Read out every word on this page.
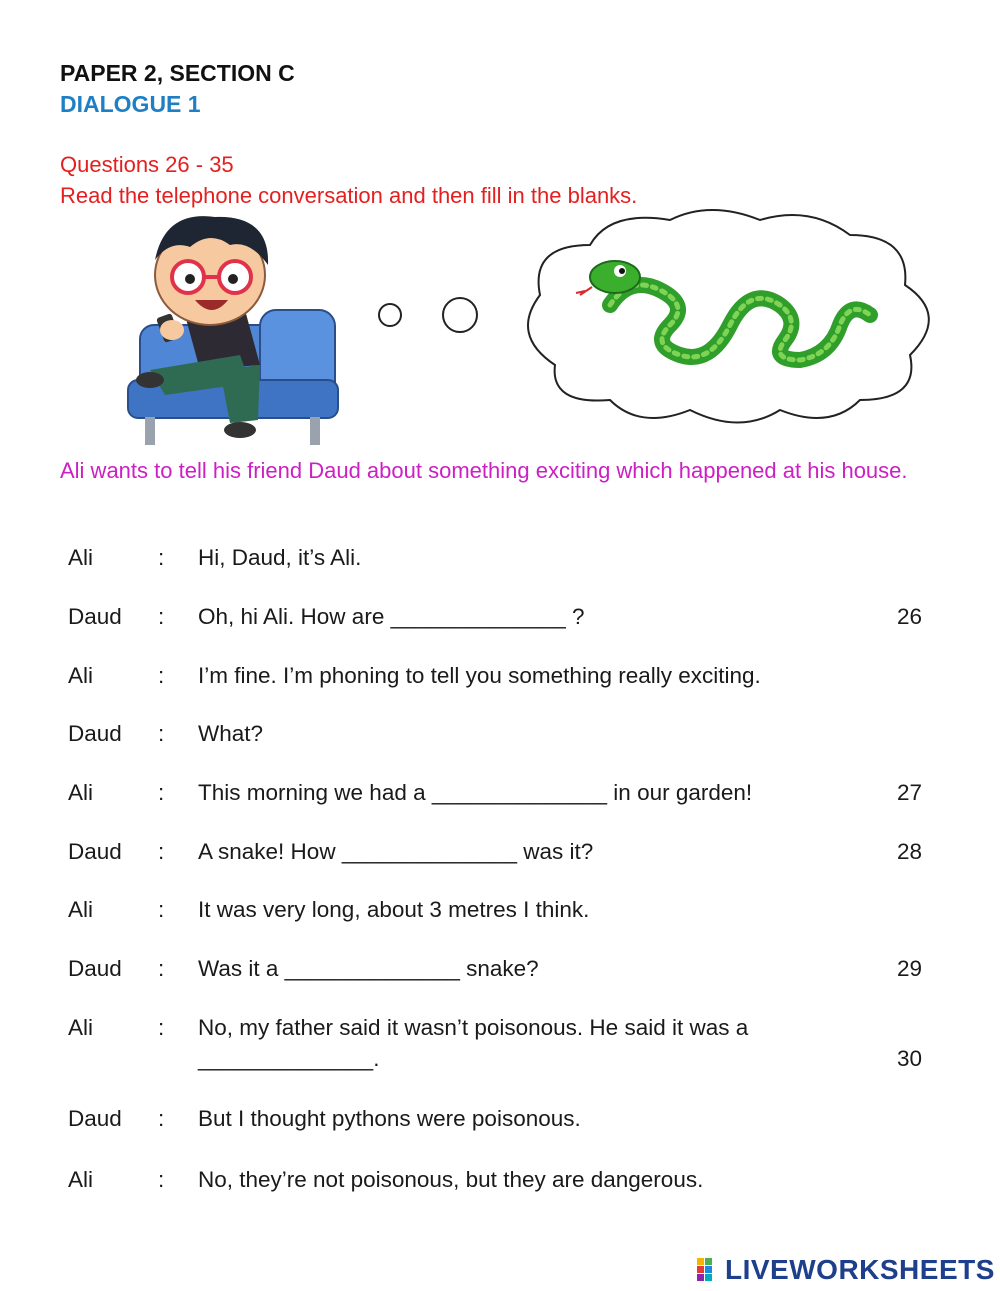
PAPER 2, SECTION C
DIALOGUE 1
Questions 26 - 35
Read the telephone conversation and then fill in the blanks.
Ali wants to tell his friend Daud about something exciting which happened at his house.
Ali	: Hi, Daud, it’s Ali.
Daud : Oh, hi Ali. How are ______________ ?	26
Ali	: I’m fine. I’m phoning to tell you something really exciting.
Daud : What?
Ali	: This morning we had a ______________ in our garden!	27
Daud : A snake! How ______________ was it?	28
Ali	: It was very long, about 3 metres I think.
Daud : Was it a ______________ snake?	29
Ali	: No, my father said it wasn’t poisonous. He said it was a
______________.	30
Daud : But I thought pythons were poisonous.
Ali	: No, they’re not poisonous, but they are dangerous.
LIVEWORKSHEETS
